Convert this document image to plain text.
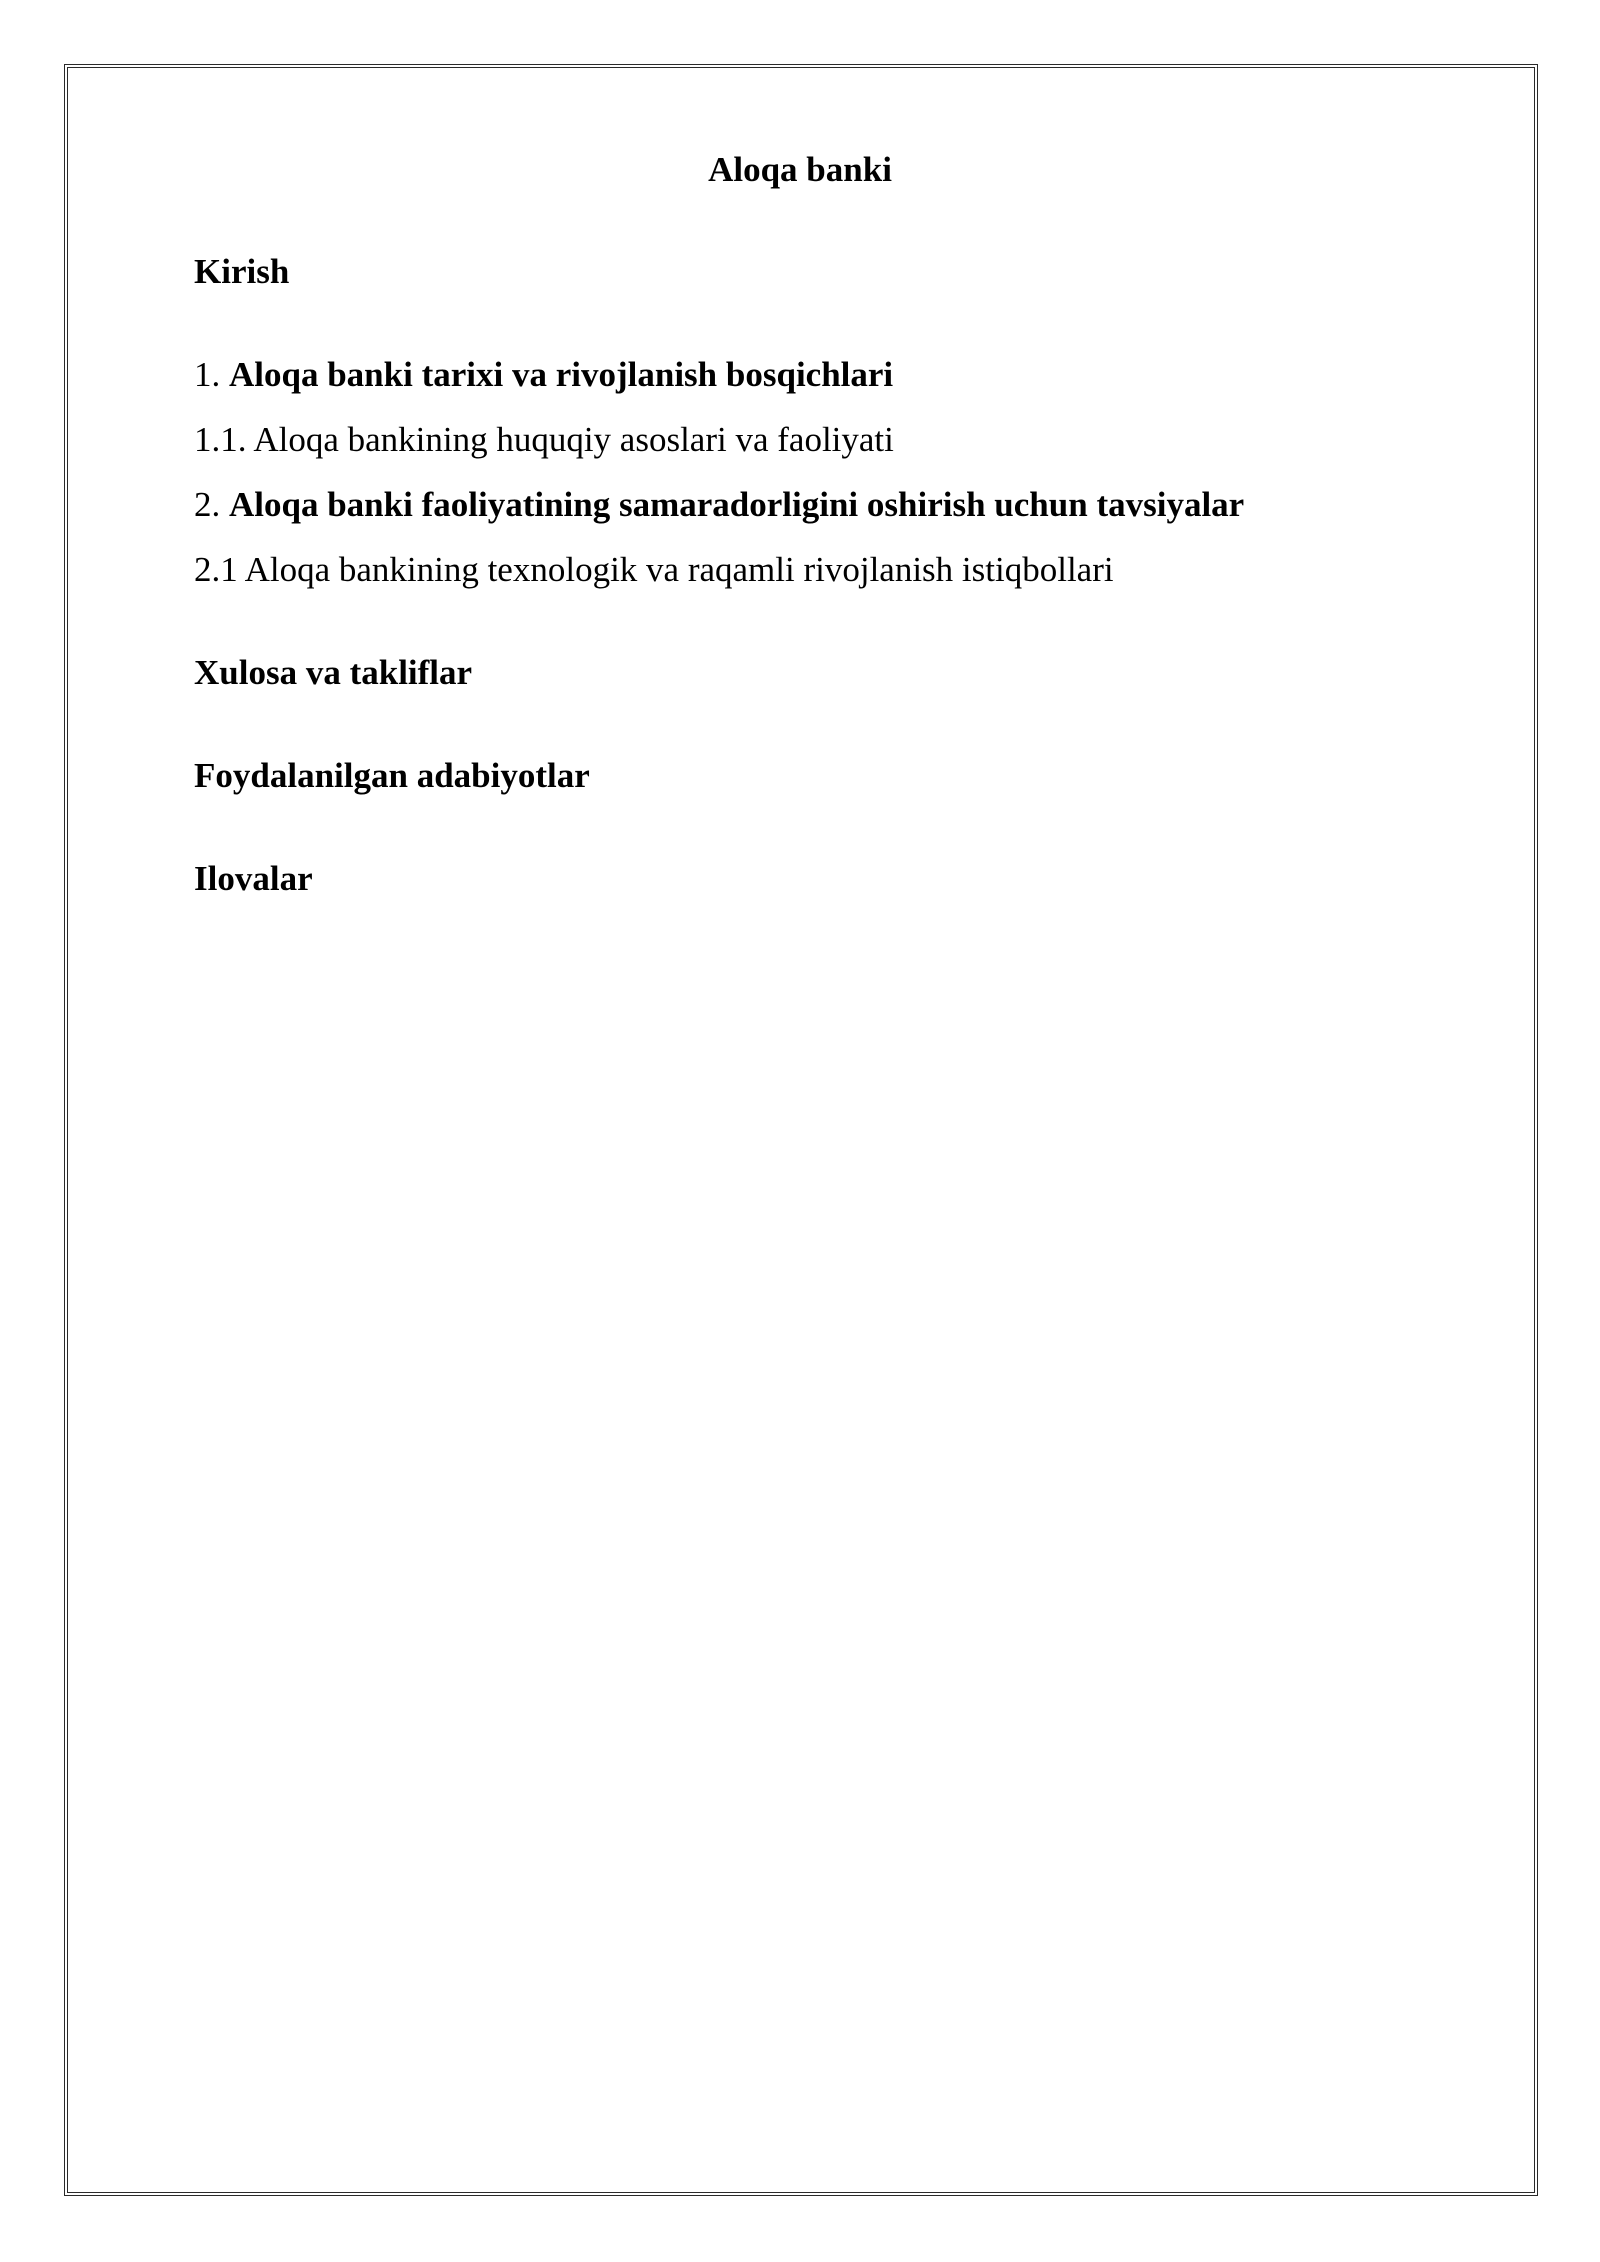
Aloqa banki
Kirish
1. Aloqa banki tarixi va rivojlanish bosqichlari
1.1. Aloqa bankining huquqiy asoslari va faoliyati
2. Aloqa banki faoliyatining samaradorligini oshirish uchun tavsiyalar
2.1 Aloqa bankining texnologik va raqamli rivojlanish istiqbollari
Xulosa va takliflar
Foydalanilgan adabiyotlar
Ilovalar
